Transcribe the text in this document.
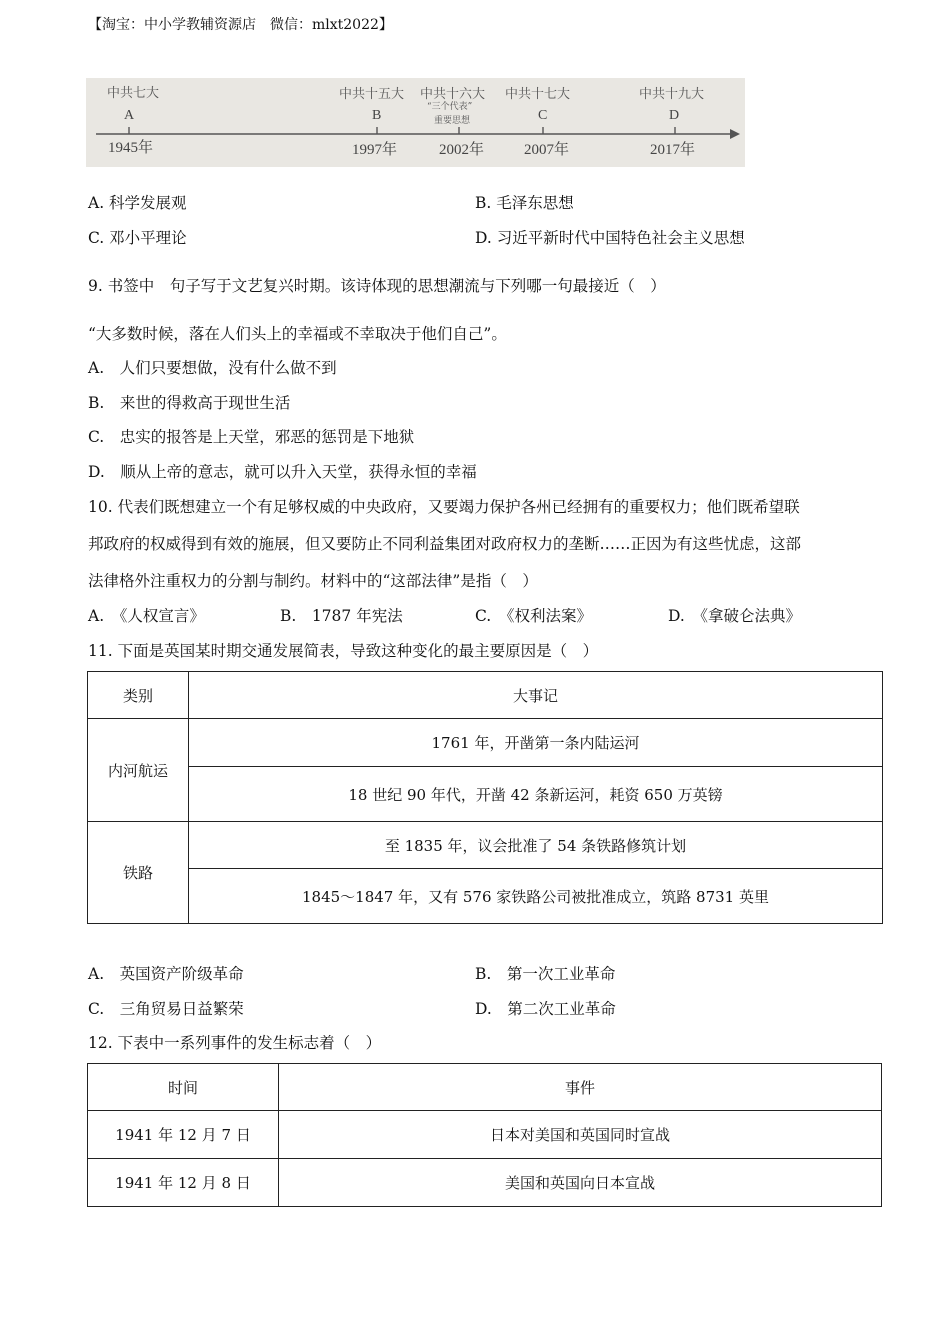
【淘宝：中小学教辅资源店　微信：mlxt2022】
中共七大	中共十五大 中共十六大 中共十七大	中共十九大
“三个代表”
重要思想
A	B	C	D
1945年	1997年	2002年	2007年	2017年
A. 科学发展观	B. 毛泽东思想
C. 邓小平理论	D. 习近平新时代中国特色社会主义思想
9. 书签中　句子写于文艺复兴时期。该诗体现的思想潮流与下列哪一句最接近（　）
“大多数时候，落在人们头上的幸福或不幸取决于他们自己”。
A.　人们只要想做，没有什么做不到
B.　来世的得救高于现世生活
C.　忠实的报答是上天堂，邪恶的惩罚是下地狱
D.　顺从上帝的意志，就可以升入天堂，获得永恒的幸福
10. 代表们既想建立一个有足够权威的中央政府，又要竭力保护各州已经拥有的重要权力；他们既希望联
邦政府的权威得到有效的施展，但又要防止不同利益集团对政府权力的垄断……正因为有这些忧虑，这部
法律格外注重权力的分割与制约。材料中的“这部法律”是指（　）
A.　《人权宣言》	B.　1787 年宪法	C.　《权利法案》	D.　《拿破仑法典》
11. 下面是英国某时期交通发展简表，导致这种变化的最主要原因是（　）
类别	大事记
内河航运	1761 年，开凿第一条内陆运河
	18 世纪 90 年代，开凿 42 条新运河，耗资 650 万英镑
铁路	至 1835 年，议会批准了 54 条铁路修筑计划
	1845～1847 年，又有 576 家铁路公司被批准成立，筑路 8731 英里
A.　英国资产阶级革命	B.　第一次工业革命
C.　三角贸易日益繁荣	D.　第二次工业革命
12. 下表中一系列事件的发生标志着（　）
时间	事件
1941 年 12 月 7 日	日本对美国和英国同时宣战
1941 年 12 月 8 日	美国和英国向日本宣战
